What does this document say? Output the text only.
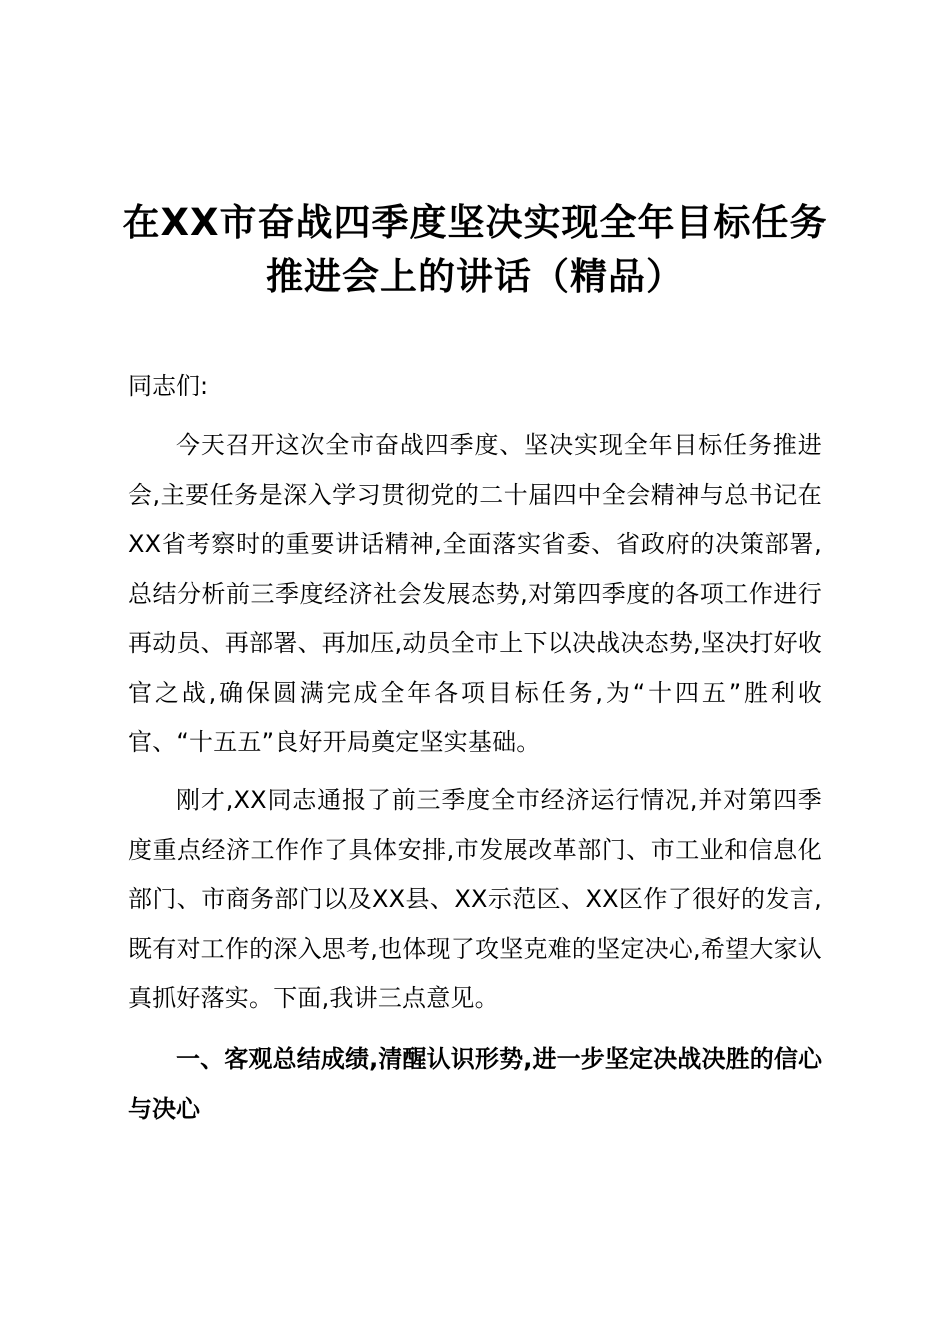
在XX市奋战四季度坚决实现全年目标任务推进会上的讲话（精品）

同志们:

今天召开这次全市奋战四季度、坚决实现全年目标任务推进会,主要任务是深入学习贯彻党的二十届四中全会精神与总书记在XX省考察时的重要讲话精神,全面落实省委、省政府的决策部署,总结分析前三季度经济社会发展态势,对第四季度的各项工作进行再动员、再部署、再加压,动员全市上下以决战决态势,坚决打好收官之战,确保圆满完成全年各项目标任务,为“十四五”胜利收官、“十五五”良好开局奠定坚实基础。

刚才,XX同志通报了前三季度全市经济运行情况,并对第四季度重点经济工作作了具体安排,市发展改革部门、市工业和信息化部门、市商务部门以及XX县、XX示范区、XX区作了很好的发言,既有对工作的深入思考,也体现了攻坚克难的坚定决心,希望大家认真抓好落实。下面,我讲三点意见。

一、客观总结成绩,清醒认识形势,进一步坚定决战决胜的信心与决心
